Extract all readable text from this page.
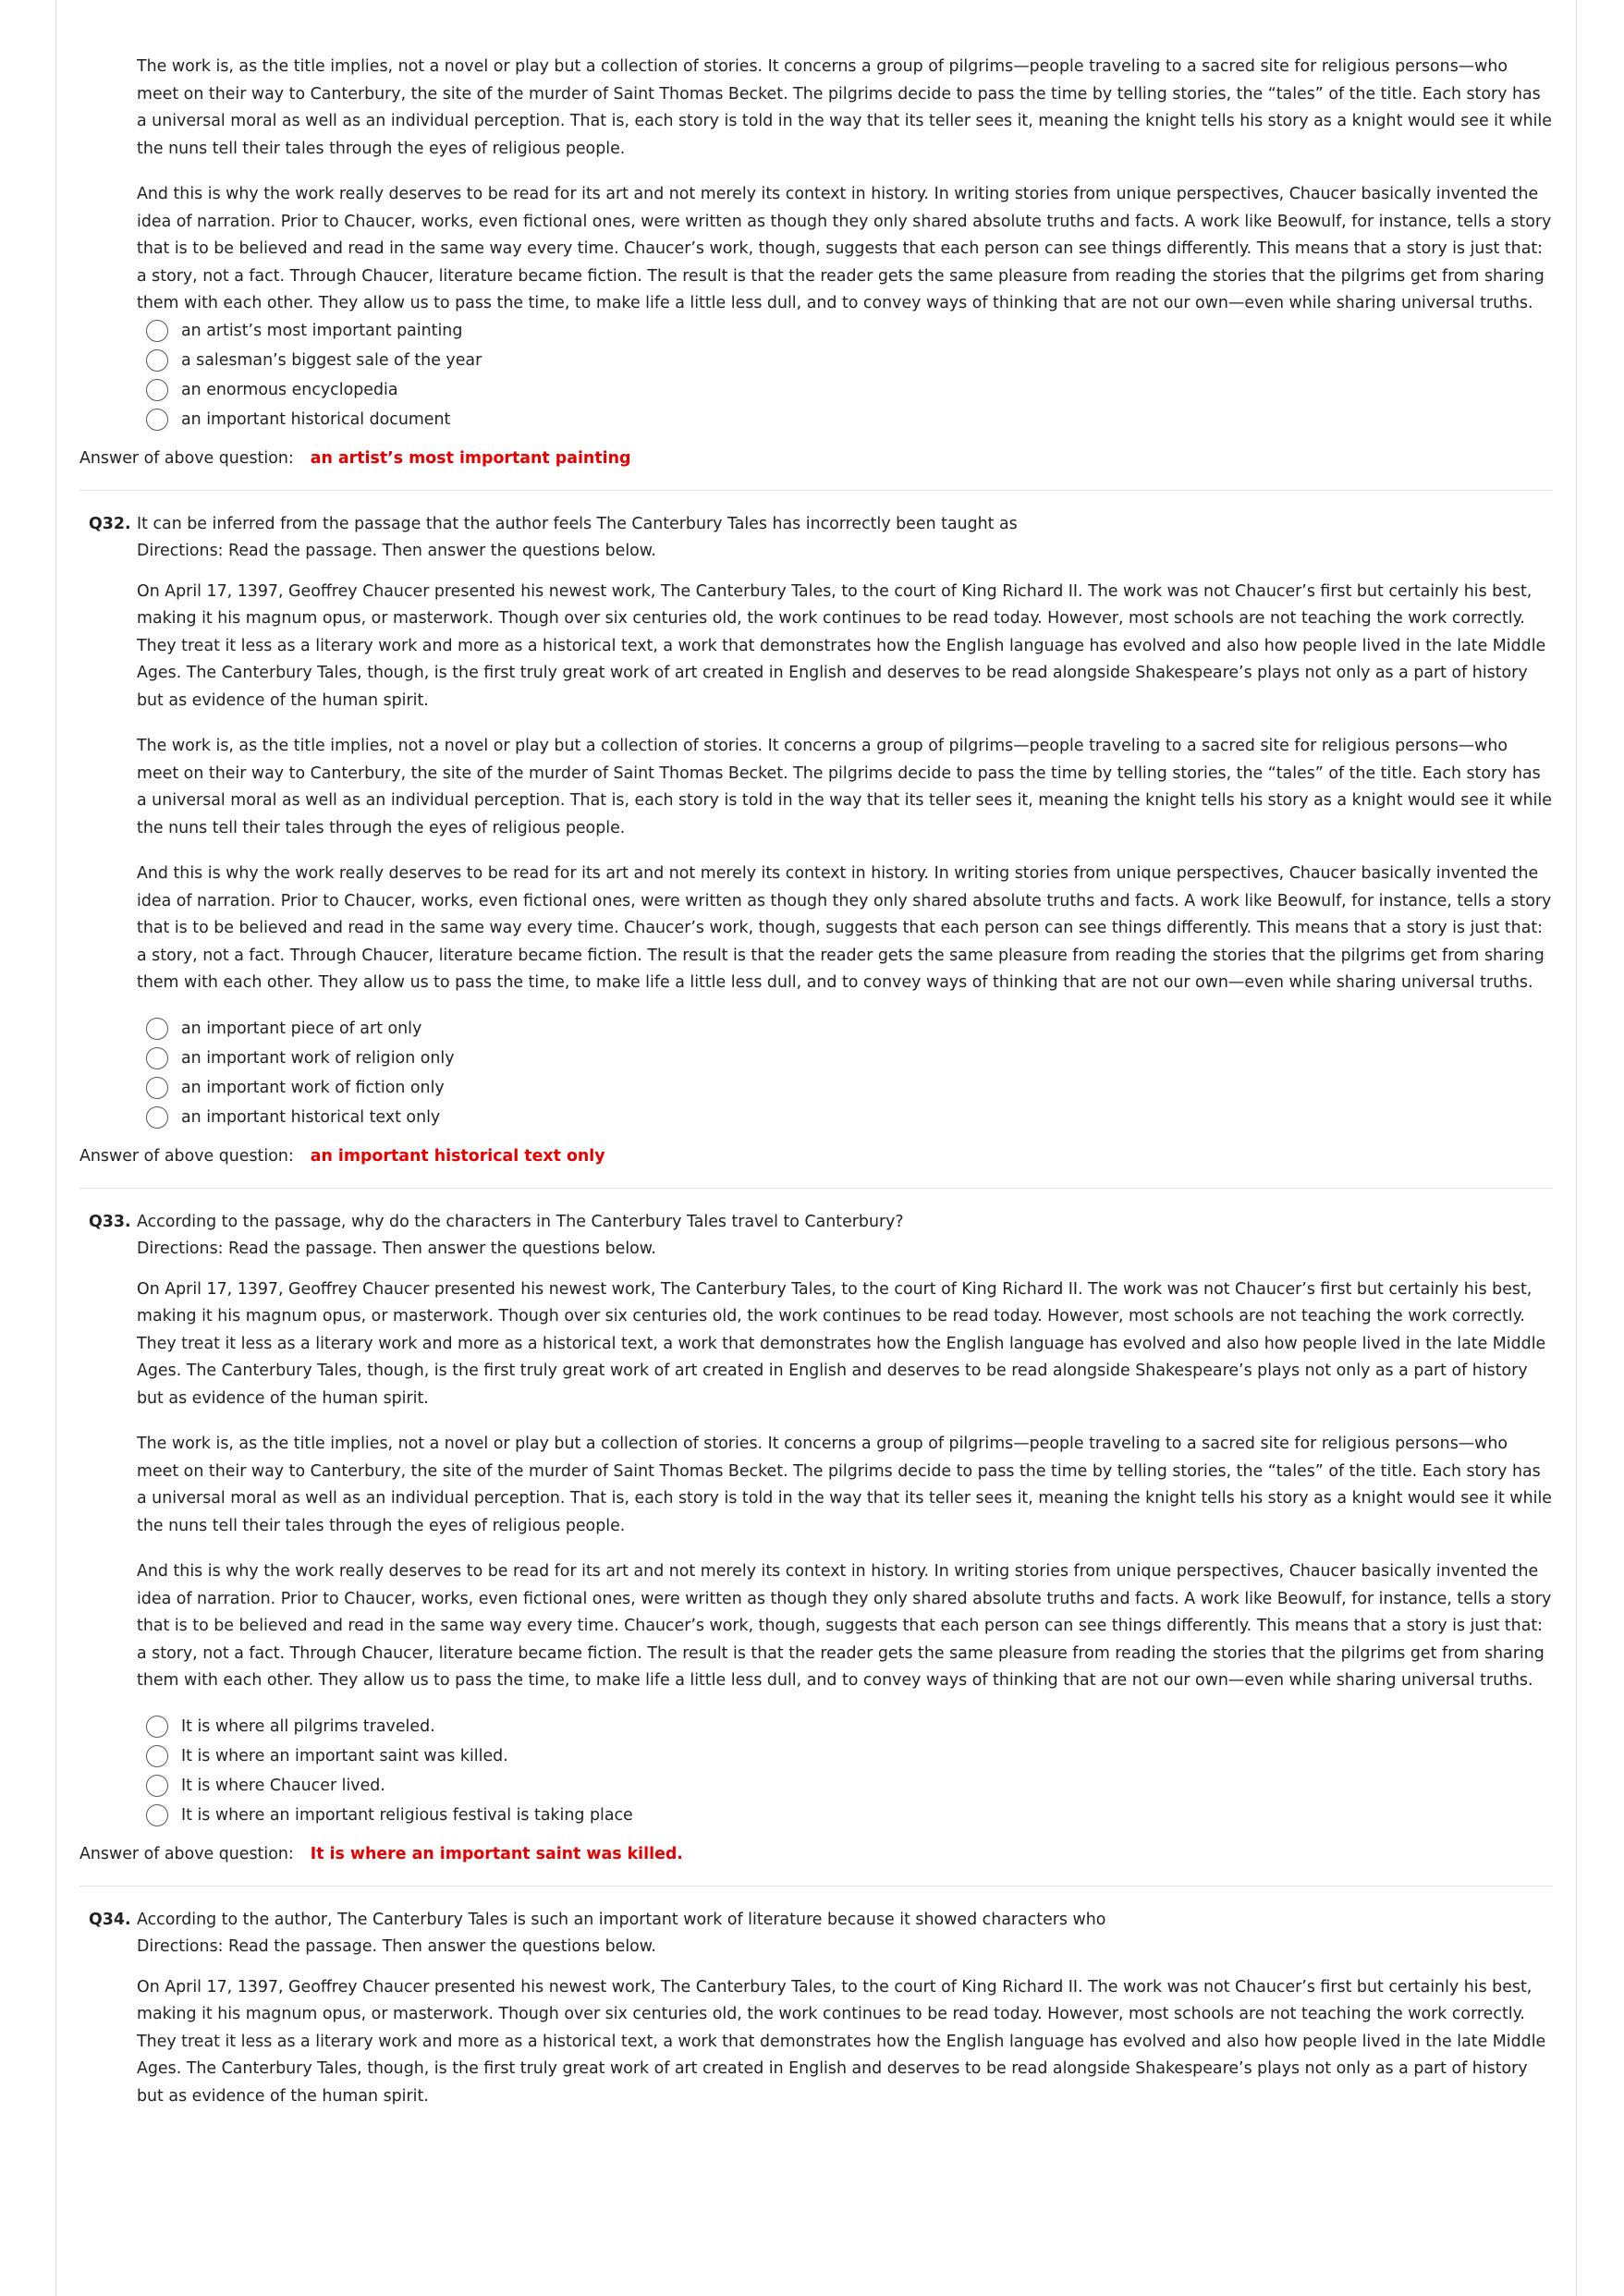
The work is, as the title implies, not a novel or play but a collection of stories. It concerns a group of pilgrims—people traveling to a sacred site for religious persons—who meet on their way to Canterbury, the site of the murder of Saint Thomas Becket. The pilgrims decide to pass the time by telling stories, the “tales” of the title. Each story has a universal moral as well as an individual perception. That is, each story is told in the way that its teller sees it, meaning the knight tells his story as a knight would see it while the nuns tell their tales through the eyes of religious people.

And this is why the work really deserves to be read for its art and not merely its context in history. In writing stories from unique perspectives, Chaucer basically invented the idea of narration. Prior to Chaucer, works, even fictional ones, were written as though they only shared absolute truths and facts. A work like Beowulf, for instance, tells a story that is to be believed and read in the same way every time. Chaucer’s work, though, suggests that each person can see things differently. This means that a story is just that: a story, not a fact. Through Chaucer, literature became fiction. The result is that the reader gets the same pleasure from reading the stories that the pilgrims get from sharing them with each other. They allow us to pass the time, to make life a little less dull, and to convey ways of thinking that are not our own—even while sharing universal truths.

an artist’s most important painting
a salesman’s biggest sale of the year
an enormous encyclopedia
an important historical document
Answer of above question: an artist’s most important painting
Q32. It can be inferred from the passage that the author feels The Canterbury Tales has incorrectly been taught as
Directions: Read the passage. Then answer the questions below.

On April 17, 1397, Geoffrey Chaucer presented his newest work, The Canterbury Tales, to the court of King Richard II. The work was not Chaucer’s first but certainly his best, making it his magnum opus, or masterwork. Though over six centuries old, the work continues to be read today. However, most schools are not teaching the work correctly. They treat it less as a literary work and more as a historical text, a work that demonstrates how the English language has evolved and also how people lived in the late Middle Ages. The Canterbury Tales, though, is the first truly great work of art created in English and deserves to be read alongside Shakespeare’s plays not only as a part of history but as evidence of the human spirit.

The work is, as the title implies, not a novel or play but a collection of stories. It concerns a group of pilgrims—people traveling to a sacred site for religious persons—who meet on their way to Canterbury, the site of the murder of Saint Thomas Becket. The pilgrims decide to pass the time by telling stories, the “tales” of the title. Each story has a universal moral as well as an individual perception. That is, each story is told in the way that its teller sees it, meaning the knight tells his story as a knight would see it while the nuns tell their tales through the eyes of religious people.

And this is why the work really deserves to be read for its art and not merely its context in history. In writing stories from unique perspectives, Chaucer basically invented the idea of narration. Prior to Chaucer, works, even fictional ones, were written as though they only shared absolute truths and facts. A work like Beowulf, for instance, tells a story that is to be believed and read in the same way every time. Chaucer’s work, though, suggests that each person can see things differently. This means that a story is just that: a story, not a fact. Through Chaucer, literature became fiction. The result is that the reader gets the same pleasure from reading the stories that the pilgrims get from sharing them with each other. They allow us to pass the time, to make life a little less dull, and to convey ways of thinking that are not our own—even while sharing universal truths.

an important piece of art only
an important work of religion only
an important work of fiction only
an important historical text only
Answer of above question: an important historical text only
Q33. According to the passage, why do the characters in The Canterbury Tales travel to Canterbury?
Directions: Read the passage. Then answer the questions below.

On April 17, 1397, Geoffrey Chaucer presented his newest work, The Canterbury Tales, to the court of King Richard II. The work was not Chaucer’s first but certainly his best, making it his magnum opus, or masterwork. Though over six centuries old, the work continues to be read today. However, most schools are not teaching the work correctly. They treat it less as a literary work and more as a historical text, a work that demonstrates how the English language has evolved and also how people lived in the late Middle Ages. The Canterbury Tales, though, is the first truly great work of art created in English and deserves to be read alongside Shakespeare’s plays not only as a part of history but as evidence of the human spirit.

The work is, as the title implies, not a novel or play but a collection of stories. It concerns a group of pilgrims—people traveling to a sacred site for religious persons—who meet on their way to Canterbury, the site of the murder of Saint Thomas Becket. The pilgrims decide to pass the time by telling stories, the “tales” of the title. Each story has a universal moral as well as an individual perception. That is, each story is told in the way that its teller sees it, meaning the knight tells his story as a knight would see it while the nuns tell their tales through the eyes of religious people.

And this is why the work really deserves to be read for its art and not merely its context in history. In writing stories from unique perspectives, Chaucer basically invented the idea of narration. Prior to Chaucer, works, even fictional ones, were written as though they only shared absolute truths and facts. A work like Beowulf, for instance, tells a story that is to be believed and read in the same way every time. Chaucer’s work, though, suggests that each person can see things differently. This means that a story is just that: a story, not a fact. Through Chaucer, literature became fiction. The result is that the reader gets the same pleasure from reading the stories that the pilgrims get from sharing them with each other. They allow us to pass the time, to make life a little less dull, and to convey ways of thinking that are not our own—even while sharing universal truths.

It is where all pilgrims traveled.
It is where an important saint was killed.
It is where Chaucer lived.
It is where an important religious festival is taking place
Answer of above question: It is where an important saint was killed.
Q34. According to the author, The Canterbury Tales is such an important work of literature because it showed characters who
Directions: Read the passage. Then answer the questions below.

On April 17, 1397, Geoffrey Chaucer presented his newest work, The Canterbury Tales, to the court of King Richard II. The work was not Chaucer’s first but certainly his best, making it his magnum opus, or masterwork. Though over six centuries old, the work continues to be read today. However, most schools are not teaching the work correctly. They treat it less as a literary work and more as a historical text, a work that demonstrates how the English language has evolved and also how people lived in the late Middle Ages. The Canterbury Tales, though, is the first truly great work of art created in English and deserves to be read alongside Shakespeare’s plays not only as a part of history but as evidence of the human spirit.
